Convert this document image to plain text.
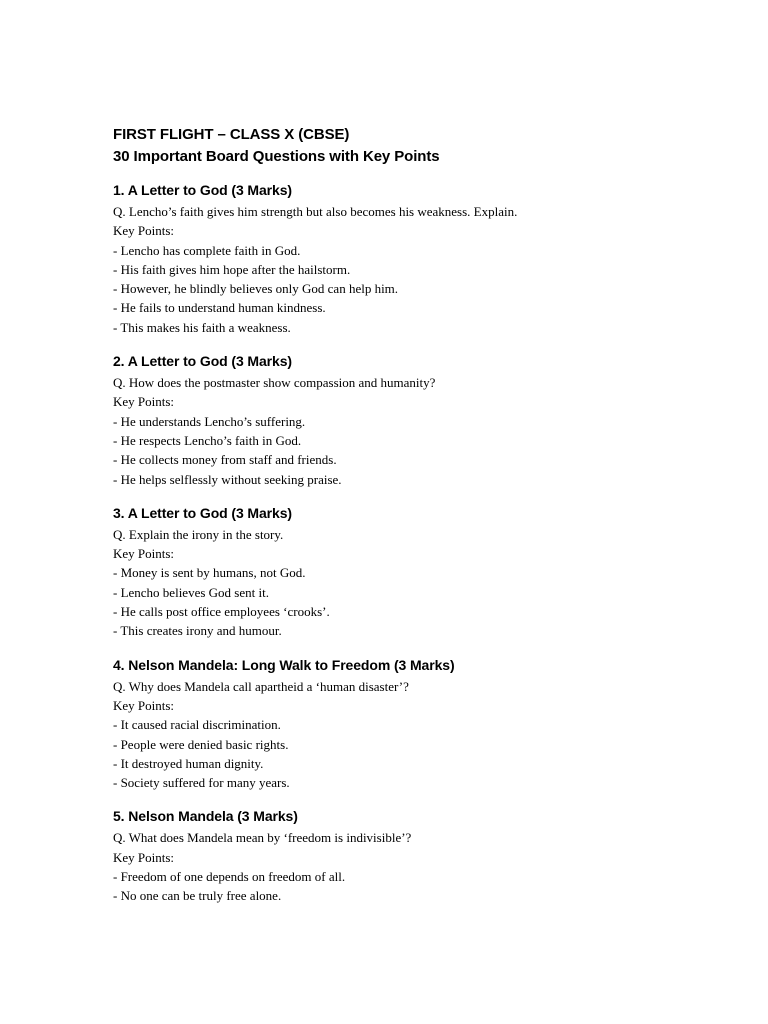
FIRST FLIGHT – CLASS X (CBSE)

30 Important Board Questions with Key Points

1. A Letter to God (3 Marks)

Q. Lencho’s faith gives him strength but also becomes his weakness. Explain.

Key Points:

- Lencho has complete faith in God.

- His faith gives him hope after the hailstorm.

- However, he blindly believes only God can help him.

- He fails to understand human kindness.

- This makes his faith a weakness.

2. A Letter to God (3 Marks)

Q. How does the postmaster show compassion and humanity?

Key Points:

- He understands Lencho’s suffering.

- He respects Lencho’s faith in God.

- He collects money from staff and friends.

- He helps selflessly without seeking praise.

3. A Letter to God (3 Marks)

Q. Explain the irony in the story.

Key Points:

- Money is sent by humans, not God.

- Lencho believes God sent it.

- He calls post office employees ‘crooks’.

- This creates irony and humour.

4. Nelson Mandela: Long Walk to Freedom (3 Marks)

Q. Why does Mandela call apartheid a ‘human disaster’?

Key Points:

- It caused racial discrimination.

- People were denied basic rights.

- It destroyed human dignity.

- Society suffered for many years.

5. Nelson Mandela (3 Marks)

Q. What does Mandela mean by ‘freedom is indivisible’?

Key Points:

- Freedom of one depends on freedom of all.

- No one can be truly free alone.
